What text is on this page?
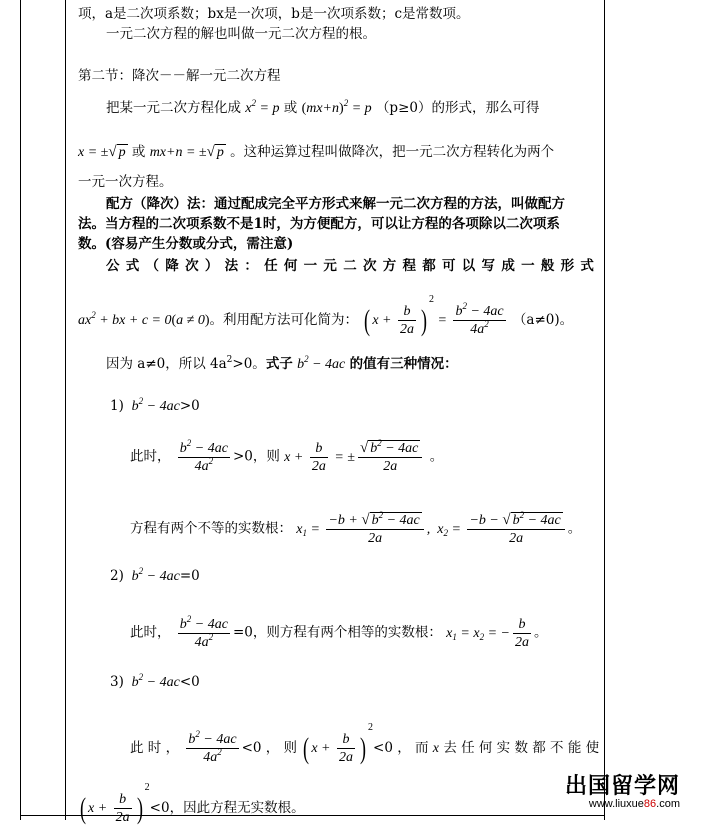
项，a是二次项系数；bx是一次项，b是一次项系数；c是常数项。
一元二次方程的解也叫做一元二次方程的根。
第二节：降次－－解一元二次方程
把某一元二次方程化成 $x^2 = p$ 或 $(mx+n)^2 = p$ （p≥0）的形式，那么可得
x = ±√ p 或 mx+n = ±√ p 。这种运算过程叫做降次，把一元二次方程转化为两个
一元一次方程。
配方（降次）法：通过配成完全平方形式来解一元二次方程的方法，叫做配方
法。当方程的二次项系数不是1时，为方便配方，可以让方程的各项除以二次项系
数。(容易产生分数或分式，需注意)
公 式 （ 降 次 ） 法 ： 任 何 一 元 二 次 方 程 都 可 以 写 成 一 般 形 式
$ax^2$ + bx + c = 0(a ≠ 0)。利用配方法可化简为： ( $x + \frac{b}{2a} )^2 = \frac{b^2 - 4ac}{4a^2} (a\ne 0)$。
因为 a≠0，所以 $4a^2>0$。式子 $b^2 - 4ac$ 的值有三种情况：
1)  $b^2 - 4ac>0$
此时， $\frac{b^2 - 4ac}{4a^2} >0$，则 $x + \frac{b}{2a}$ = ± $\frac{√ b^2 - 4ac}{2a}$ 。
方程有两个不等的实数根： $x_1 = \frac{-b + √ b^2 - 4ac}{2a}$ ,  $x_2 = \frac{-b - √ b^2 - 4ac}{2a}$ 。
2)  $b^2 - 4ac=0$
此时， $\frac{b^2 - 4ac}{4a^2} =0$，则方程有两个相等的实数根： $x_1 = x_2$ = − $\frac{b}{2a}$ 。
3)  $b^2 - 4ac<0$
此 时 ， $\frac{b^2 - 4ac}{4a^2} <0$ ， 则 ( $x + \frac{b}{2a} )^2<0$ ， 而 x 去 任 何 实 数 都 不 能 使
( $x + \frac{b}{2a} )^2<0$，因此方程无实数根。
出国留学网
www.liuxue86.com
